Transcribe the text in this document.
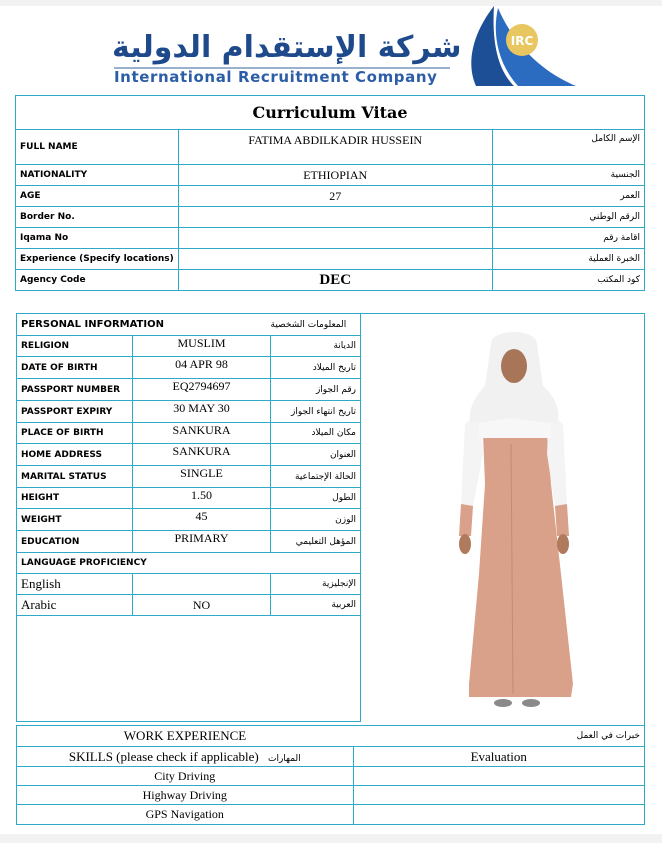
شركة الإستقدام الدولية
International Recruitment Company
IRC
Curriculum Vitae		
FULL NAME	FATIMA ABDILKADIR HUSSEIN	الإسم الكامل
NATIONALITY	ETHIOPIAN	الجنسية
AGE	27	العمر
Border No.		الرقم الوطني
Iqama No		اقامة رقم
Experience (Specify locations)		الخبرة العملية
Agency Code	DEC	كود المكتب
PERSONAL INFORMATION		المعلومات الشخصية
RELIGION	MUSLIM	الديانة
DATE OF BIRTH	04 APR 98	تاريخ الميلاد
PASSPORT NUMBER	EQ2794697	رقم الجواز
PASSPORT EXPIRY	30 MAY 30	تاريخ انتهاء الجواز
PLACE OF BIRTH	SANKURA	مكان الميلاد
HOME ADDRESS	SANKURA	العنوان
MARITAL STATUS	SINGLE	الحالة الإجتماعية
HEIGHT	1.50	الطول
WEIGHT	45	الوزن
EDUCATION	PRIMARY	المؤهل التعليمي
LANGUAGE PROFICIENCY		
English		الإنجليزية
Arabic	NO	العربية

WORK EXPERIENCE	خبرات في العمل
SKILLS (please check if applicable) المهارات	Evaluation
City Driving	
Highway Driving	
GPS Navigation	
